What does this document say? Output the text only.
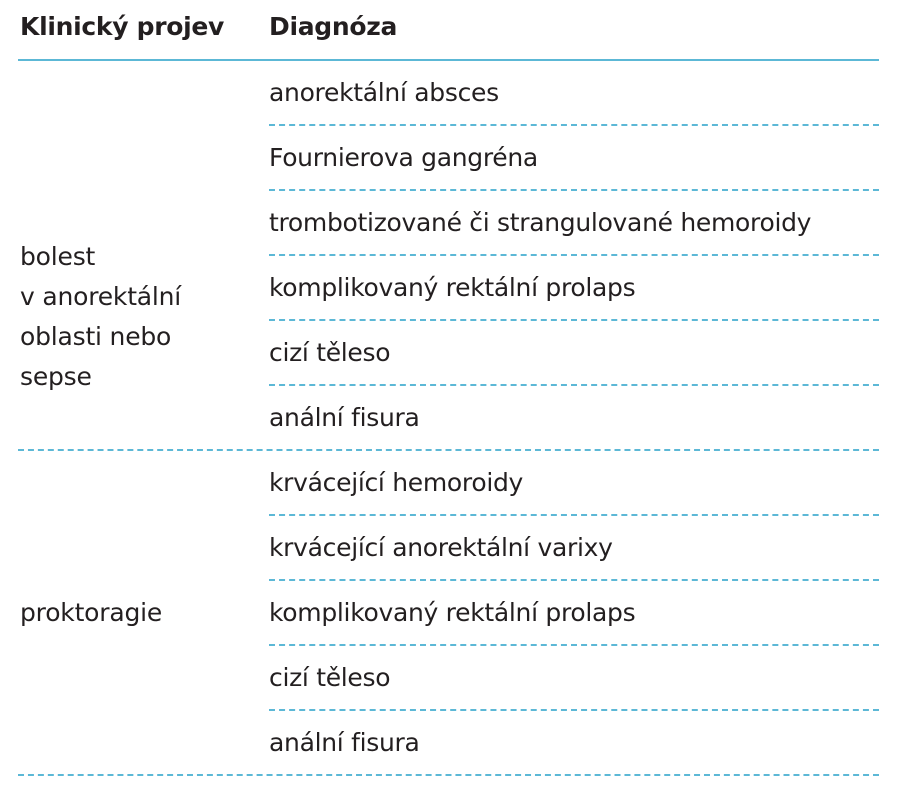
Klinický projev Diagnóza
bolest
v anorektální
oblasti nebo
sepse
anorektální absces
Fournierova gangréna
trombotizované či strangulované hemoroidy
komplikovaný rektální prolaps
cizí těleso
anální fisura
proktoragie
krvácející hemoroidy
krvácející anorektální varixy
komplikovaný rektální prolaps
cizí těleso
anální fisura
